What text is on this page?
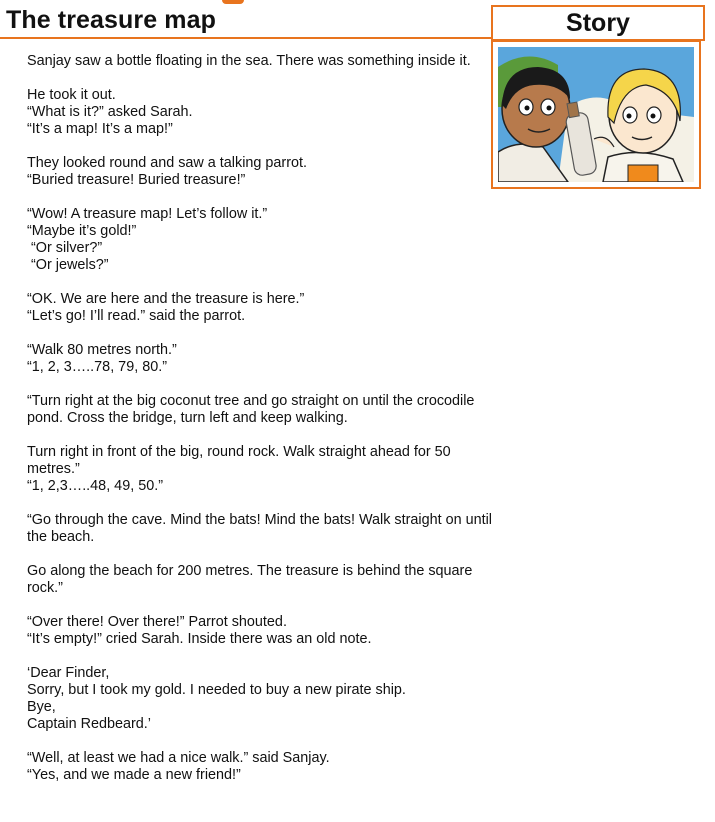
The treasure map	Story

Sanjay saw a bottle floating in the sea. There was something inside it.

He took it out.
“What is it?” asked Sarah.
“It’s a map! It’s a map!”

They looked round and saw a talking parrot.
“Buried treasure! Buried treasure!”

“Wow! A treasure map! Let’s follow it.”
“Maybe it’s gold!”
“Or silver?”
“Or jewels?”

“OK. We are here and the treasure is here.”
“Let’s go! I’ll read.” said the parrot.

“Walk 80 metres north.”
“1, 2, 3…..78, 79, 80.”

“Turn right at the big coconut tree and go straight on until the crocodile pond. Cross the bridge, turn left and keep walking.

Turn right in front of the big, round rock. Walk straight ahead for 50 metres.”
“1, 2,3…..48, 49, 50.”

“Go through the cave. Mind the bats! Mind the bats! Walk straight on until the beach.

Go along the beach for 200 metres. The treasure is behind the square rock.”

“Over there! Over there!” Parrot shouted.
“It’s empty!” cried Sarah. Inside there was an old note.

‘Dear Finder,
Sorry, but I took my gold. I needed to buy a new pirate ship.
Bye,
Captain Redbeard.’

“Well, at least we had a nice walk.” said Sanjay.
“Yes, and we made a new friend!”
